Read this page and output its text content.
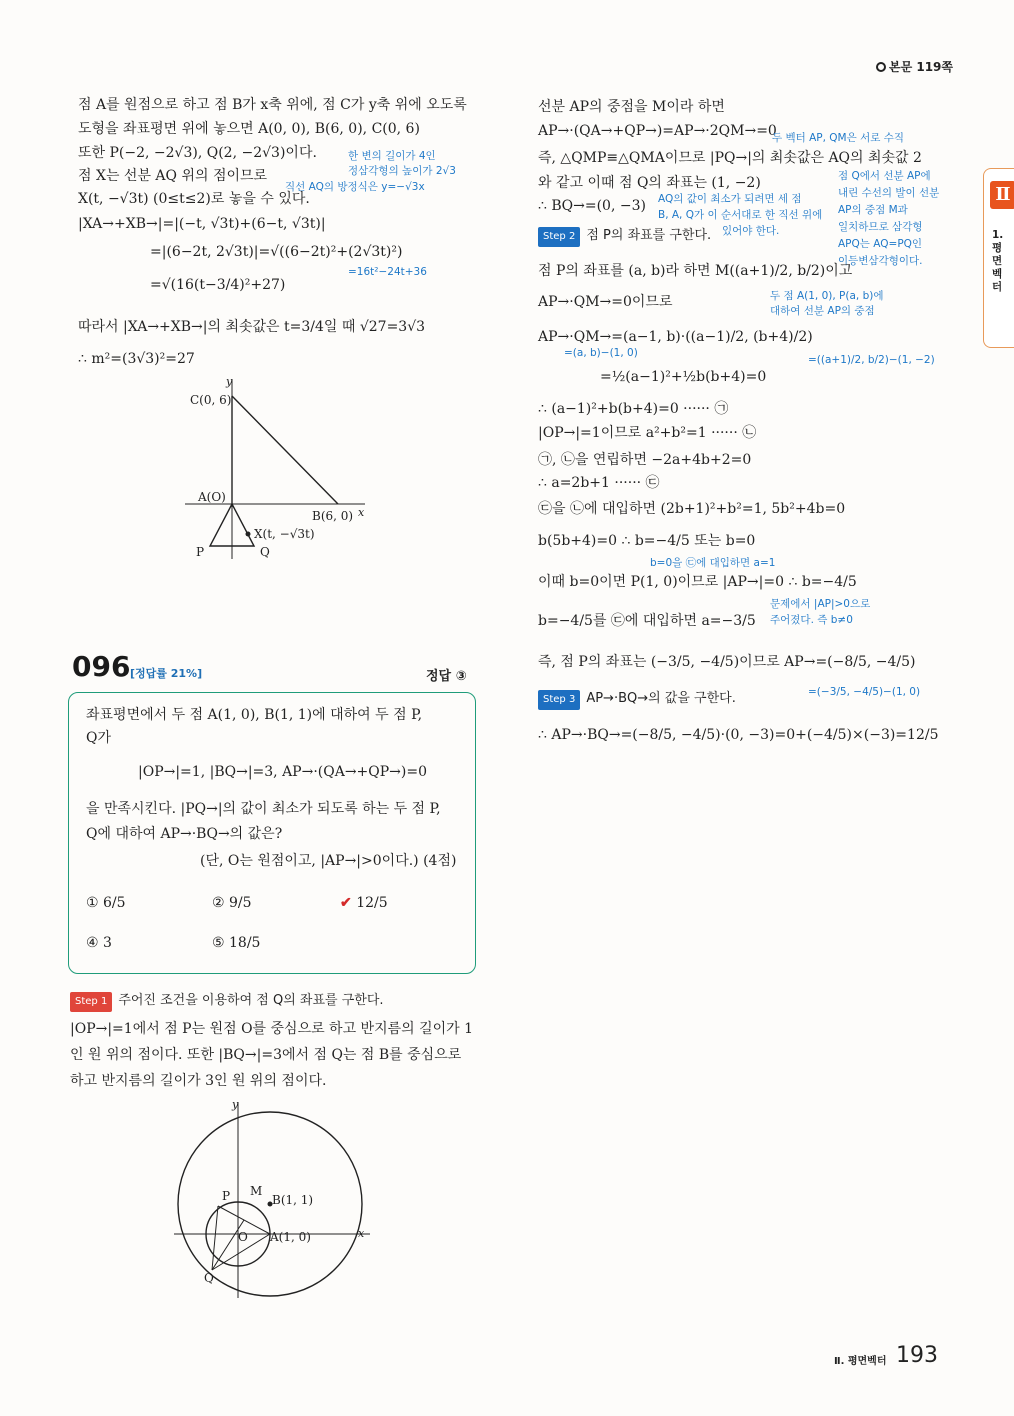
본문 119쪽
Ⅱ
1. 평면벡터
점 A를 원점으로 하고 점 B가 x축 위에, 점 C가 y축 위에 오도록
도형을 좌표평면 위에 놓으면 A(0, 0), B(6, 0), C(0, 6)
또한 P(−2, −2√3), Q(2, −2√3)이다.
점 X는 선분 AQ 위의 점이므로
X(t, −√3t) (0≤t≤2)로 놓을 수 있다.
|XA→+XB→|=|(−t, √3t)+(6−t, √3t)|
=|(6−2t, 2√3t)|=√((6−2t)²+(2√3t)²)
=√(16(t−3/4)²+27)
따라서 |XA→+XB→|의 최솟값은 t=3/4일 때 √27=3√3
∴ m²=(3√3)²=27
한 변의 길이가 4인
정삼각형의 높이가 2√3
직선 AQ의 방정식은 y=−√3x
=16t²−24t+36
y
C(0, 6)
A(O)
B(6, 0) x
X(t, −√3t)
P	Q
096 [정답률 21%]	정답 ③
좌표평면에서 두 점 A(1, 0), B(1, 1)에 대하여 두 점 P,
Q가
|OP→|=1, |BQ→|=3, AP→·(QA→+QP→)=0
을 만족시킨다. |PQ→|의 값이 최소가 되도록 하는 두 점 P,
Q에 대하여 AP→·BQ→의 값은?
(단, O는 원점이고, |AP→|>0이다.) (4점)
① 6/5	② 9/5	✔ 12/5
④ 3	⑤ 18/5
Step 1 주어진 조건을 이용하여 점 Q의 좌표를 구한다.
|OP→|=1에서 점 P는 원점 O를 중심으로 하고 반지름의 길이가 1
인 원 위의 점이다. 또한 |BQ→|=3에서 점 Q는 점 B를 중심으로
하고 반지름의 길이가 3인 원 위의 점이다.
y
x
P M
B(1, 1)
O A(1, 0)
Q
선분 AP의 중점을 M이라 하면
AP→·(QA→+QP→)=AP→·2QM→=0
즉, △QMP≡△QMA이므로 |PQ→|의 최솟값은 AQ의 최솟값 2
와 같고 이때 점 Q의 좌표는 (1, −2)
∴ BQ→=(0, −3)
두 벡터 AP, QM은 서로 수직
점 Q에서 선분 AP에
내린 수선의 발이 선분
AP의 중점 M과
일치하므로 삼각형
APQ는 AQ=PQ인
이등변삼각형이다.
AQ의 값이 최소가 되려면 세 점
B, A, Q가 이 순서대로 한 직선 위에
있어야 한다.
Step 2 점 P의 좌표를 구한다.
점 P의 좌표를 (a, b)라 하면 M((a+1)/2, b/2)이고
두 점 A(1, 0), P(a, b)에
대하여 선분 AP의 중점
AP→·QM→=0이므로
AP→·QM→=(a−1, b)·((a−1)/2, (b+4)/2)
=(a, b)−(1, 0)
=((a+1)/2, b/2)−(1, −2)
=½(a−1)²+½b(b+4)=0
∴ (a−1)²+b(b+4)=0 ······ ㉠
|OP→|=1이므로 a²+b²=1 ······ ㉡
㉠, ㉡을 연립하면 −2a+4b+2=0
∴ a=2b+1 ······ ㉢
㉢을 ㉡에 대입하면 (2b+1)²+b²=1, 5b²+4b=0
b(5b+4)=0 ∴ b=−4/5 또는 b=0
b=0을 ㉢에 대입하면 a=1
이때 b=0이면 P(1, 0)이므로 |AP→|=0 ∴ b=−4/5
문제에서 |AP|>0으로
주어졌다. 즉 b≠0
b=−4/5를 ㉢에 대입하면 a=−3/5
즉, 점 P의 좌표는 (−3/5, −4/5)이므로 AP→=(−8/5, −4/5)
=(−3/5, −4/5)−(1, 0)
Step 3 AP→·BQ→의 값을 구한다.
∴ AP→·BQ→=(−8/5, −4/5)·(0, −3)=0+(−4/5)×(−3)=12/5
Ⅱ. 평면벡터 193
